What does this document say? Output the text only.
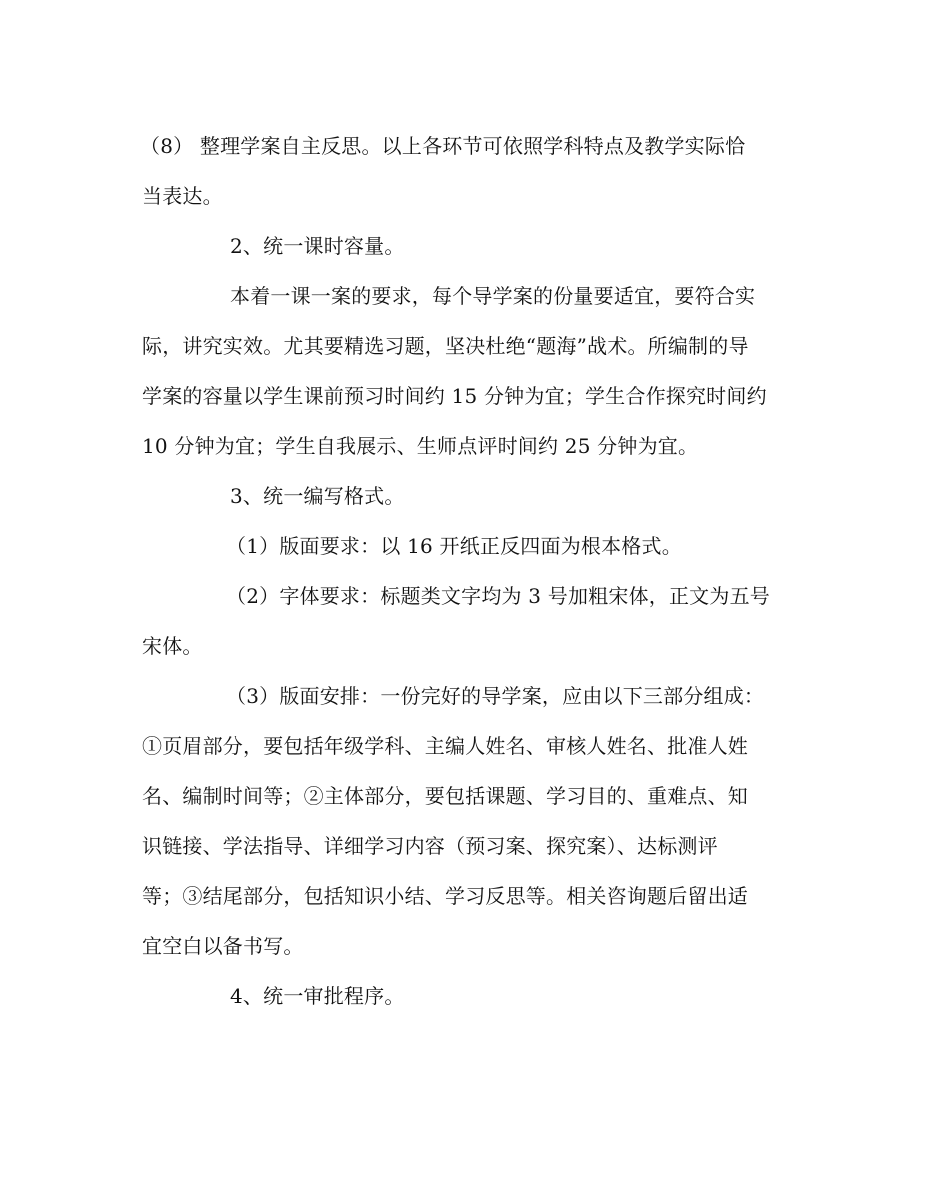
（8） 整理学案自主反思。以上各环节可依照学科特点及教学实际恰
当表达。
2、统一课时容量。
本着一课一案的要求，每个导学案的份量要适宜，要符合实
际，讲究实效。尤其要精选习题，坚决杜绝“题海”战术。所编制的导
学案的容量以学生课前预习时间约 15 分钟为宜；学生合作探究时间约
10 分钟为宜；学生自我展示、生师点评时间约 25 分钟为宜。
3、统一编写格式。
（1）版面要求：以 16 开纸正反四面为根本格式。
（2）字体要求：标题类文字均为 3 号加粗宋体，正文为五号
宋体。
（3）版面安排：一份完好的导学案，应由以下三部分组成：
①页眉部分，要包括年级学科、主编人姓名、审核人姓名、批准人姓
名、编制时间等；②主体部分，要包括课题、学习目的、重难点、知
识链接、学法指导、详细学习内容（预习案、探究案）、达标测评
等；③结尾部分，包括知识小结、学习反思等。相关咨询题后留出适
宜空白以备书写。
4、统一审批程序。
